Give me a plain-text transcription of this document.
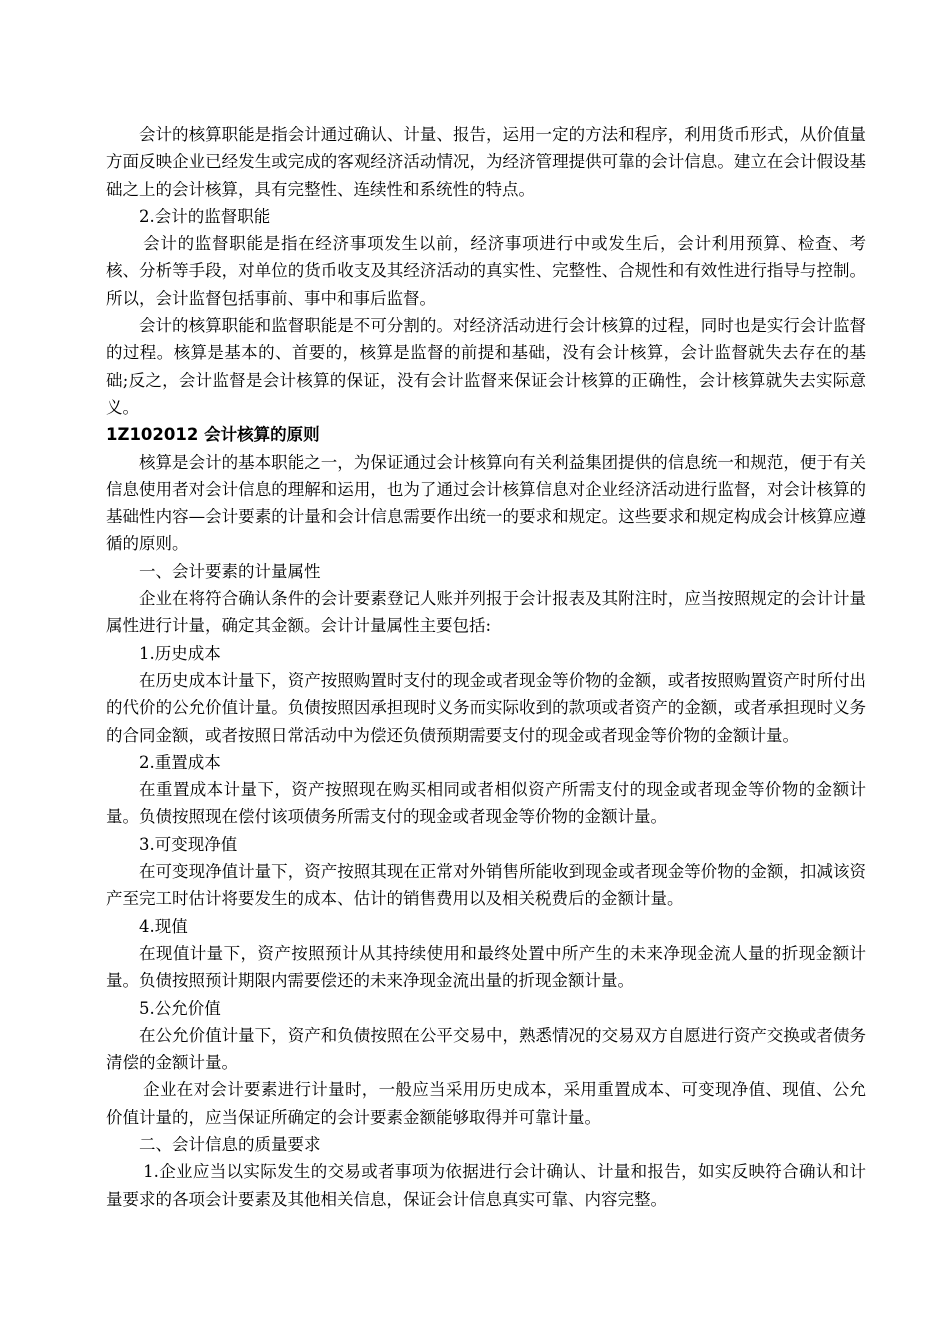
会计的核算职能是指会计通过确认、计量、报告，运用一定的方法和程序，利用货币形式，从价值量方面反映企业已经发生或完成的客观经济活动情况，为经济管理提供可靠的会计信息。建立在会计假设基础之上的会计核算，具有完整性、连续性和系统性的特点。

2.会计的监督职能

会计的监督职能是指在经济事项发生以前，经济事项进行中或发生后，会计利用预算、检查、考核、分析等手段，对单位的货币收支及其经济活动的真实性、完整性、合规性和有效性进行指导与控制。所以，会计监督包括事前、事中和事后监督。

会计的核算职能和监督职能是不可分割的。对经济活动进行会计核算的过程，同时也是实行会计监督的过程。核算是基本的、首要的，核算是监督的前提和基础，没有会计核算，会计监督就失去存在的基础;反之，会计监督是会计核算的保证，没有会计监督来保证会计核算的正确性，会计核算就失去实际意义。

1Z102012 会计核算的原则

核算是会计的基本职能之一，为保证通过会计核算向有关利益集团提供的信息统一和规范，便于有关信息使用者对会计信息的理解和运用，也为了通过会计核算信息对企业经济活动进行监督，对会计核算的基础性内容—会计要素的计量和会计信息需要作出统一的要求和规定。这些要求和规定构成会计核算应遵循的原则。

一、会计要素的计量属性

企业在将符合确认条件的会计要素登记人账并列报于会计报表及其附注时，应当按照规定的会计计量属性进行计量，确定其金额。会计计量属性主要包括:

1.历史成本

在历史成本计量下，资产按照购置时支付的现金或者现金等价物的金额，或者按照购置资产时所付出的代价的公允价值计量。负债按照因承担现时义务而实际收到的款项或者资产的金额，或者承担现时义务的合同金额，或者按照日常活动中为偿还负债预期需要支付的现金或者现金等价物的金额计量。

2.重置成本

在重置成本计量下，资产按照现在购买相同或者相似资产所需支付的现金或者现金等价物的金额计量。负债按照现在偿付该项债务所需支付的现金或者现金等价物的金额计量。

3.可变现净值

在可变现净值计量下，资产按照其现在正常对外销售所能收到现金或者现金等价物的金额，扣减该资产至完工时估计将要发生的成本、估计的销售费用以及相关税费后的金额计量。

4.现值

在现值计量下，资产按照预计从其持续使用和最终处置中所产生的未来净现金流人量的折现金额计量。负债按照预计期限内需要偿还的未来净现金流出量的折现金额计量。

5.公允价值

在公允价值计量下，资产和负债按照在公平交易中，熟悉情况的交易双方自愿进行资产交换或者债务清偿的金额计量。

企业在对会计要素进行计量时，一般应当采用历史成本，采用重置成本、可变现净值、现值、公允价值计量的，应当保证所确定的会计要素金额能够取得并可靠计量。

二、会计信息的质量要求

1.企业应当以实际发生的交易或者事项为依据进行会计确认、计量和报告，如实反映符合确认和计量要求的各项会计要素及其他相关信息，保证会计信息真实可靠、内容完整。
